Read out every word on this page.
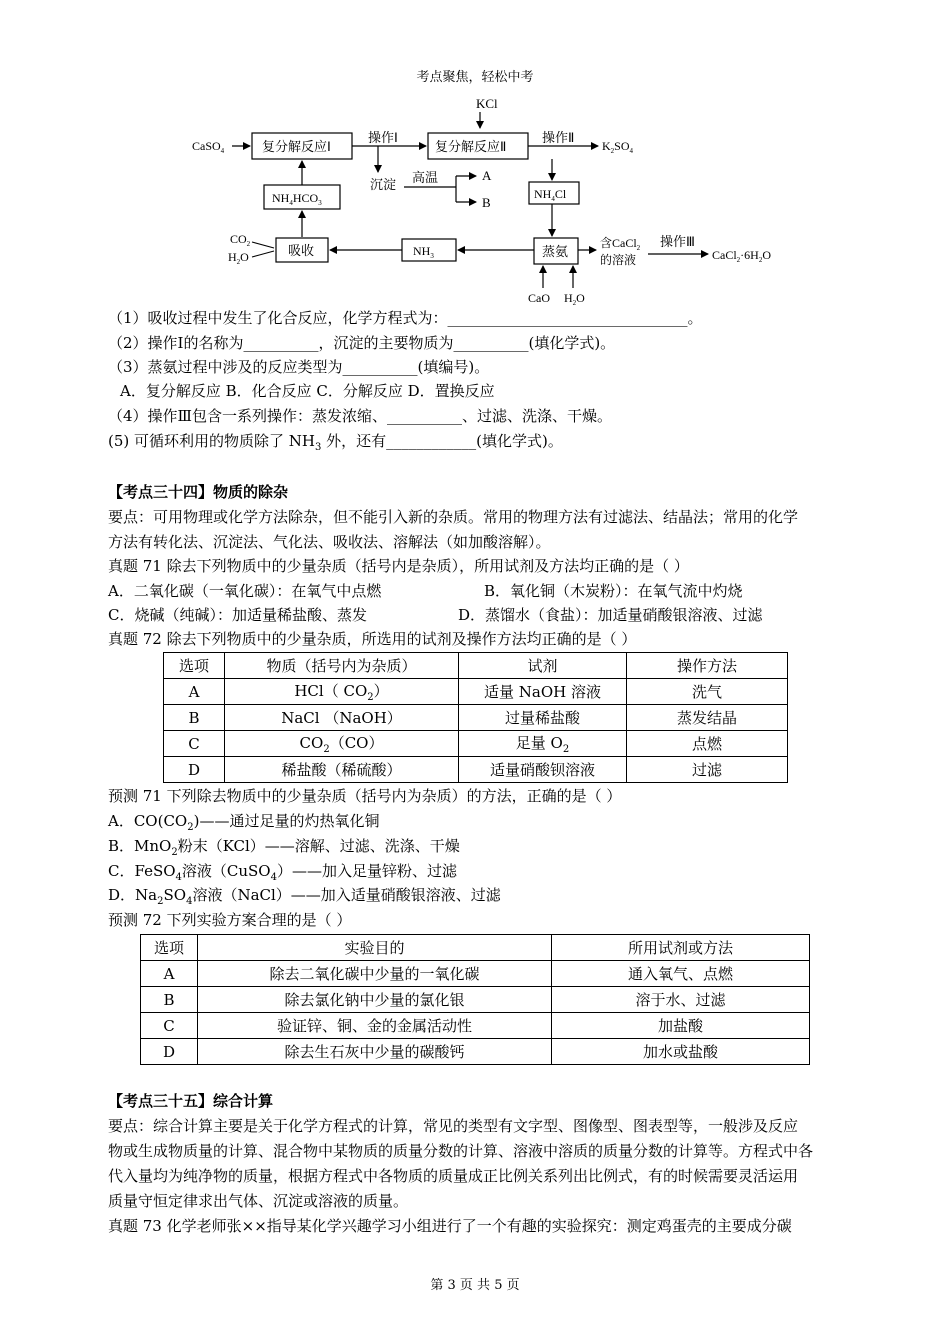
考点聚焦，轻松中考
KCl
CaSO$_4$	复分解反应Ⅰ
操作Ⅰ
复分解反应Ⅱ
操作Ⅱ
$K_2SO_4$
$NH_4HCO_3$
沉淀 高温	A
B
$NH_4Cl$
$CO_2$
$H_2O$	吸收	$NH_3$	蒸氨
含CaCl$_2$
的溶液
操作Ⅲ
$CaCl_2\cdot 6H_2O$
CaO $H_2O$
（1）吸收过程中发生了化合反应，化学方程式为：________________________________。
（2）操作Ⅰ的名称为__________，沉淀的主要物质为__________(填化学式)。
（3）蒸氨过程中涉及的反应类型为__________(填编号)。
A．复分解反应 B．化合反应 C．分解反应 D．置换反应
（4）操作Ⅲ包含一系列操作：蒸发浓缩、__________、过滤、洗涤、干燥。
(5) 可循环利用的物质除了 $NH_3$ 外，还有____________(填化学式)。
【考点三十四】物质的除杂
要点：可用物理或化学方法除杂，但不能引入新的杂质。常用的物理方法有过滤法、结晶法；常用的化学
方法有转化法、沉淀法、气化法、吸收法、溶解法（如加酸溶解）。
真题 71 除去下列物质中的少量杂质（括号内是杂质），所用试剂及方法均正确的是（ ）
A．二氧化碳（一氧化碳）：在氧气中点燃	B．氧化铜（木炭粉）：在氧气流中灼烧
C．烧碱（纯碱）：加适量稀盐酸、蒸发	D．蒸馏水（食盐）：加适量硝酸银溶液、过滤
真题 72 除去下列物质中的少量杂质，所选用的试剂及操作方法均正确的是（ ）
选项	物质（括号内为杂质）	试剂	操作方法
A	HCl（ $CO_2$）	适量 NaOH 溶液	洗气
B	NaCl （NaOH）	过量稀盐酸	蒸发结晶
C	$CO_2(CO)$	足量 $O_2$	点燃
D	稀盐酸（稀硫酸）	适量硝酸钡溶液	过滤
预测 71 下列除去物质中的少量杂质（括号内为杂质）的方法，正确的是（ ）
A．$CO(CO_2)——$通过足量的灼热氧化铜
B．MnO$_2$粉末（KCl）——溶解、过滤、洗涤、干燥
C．FeSO$_4$溶液（CuSO$_4$）——加入足量锌粉、过滤
D．$Na_2SO_4$溶液（NaCl）——加入适量硝酸银溶液、过滤
预测 72 下列实验方案合理的是（ ）
选项	实验目的	所用试剂或方法
A	除去二氧化碳中少量的一氧化碳	通入氧气、点燃
B	除去氯化钠中少量的氯化银	溶于水、过滤
C	验证锌、铜、金的金属活动性	加盐酸
D	除去生石灰中少量的碳酸钙	加水或盐酸
【考点三十五】综合计算
要点：综合计算主要是关于化学方程式的计算，常见的类型有文字型、图像型、图表型等，一般涉及反应
物或生成物质量的计算、混合物中某物质的质量分数的计算、溶液中溶质的质量分数的计算等。方程式中各
代入量均为纯净物的质量，根据方程式中各物质的质量成正比例关系列出比例式，有的时候需要灵活运用
质量守恒定律求出气体、沉淀或溶液的质量。
真题 73 化学老师张××指导某化学兴趣学习小组进行了一个有趣的实验探究：测定鸡蛋壳的主要成分碳
第 3 页 共 5 页
